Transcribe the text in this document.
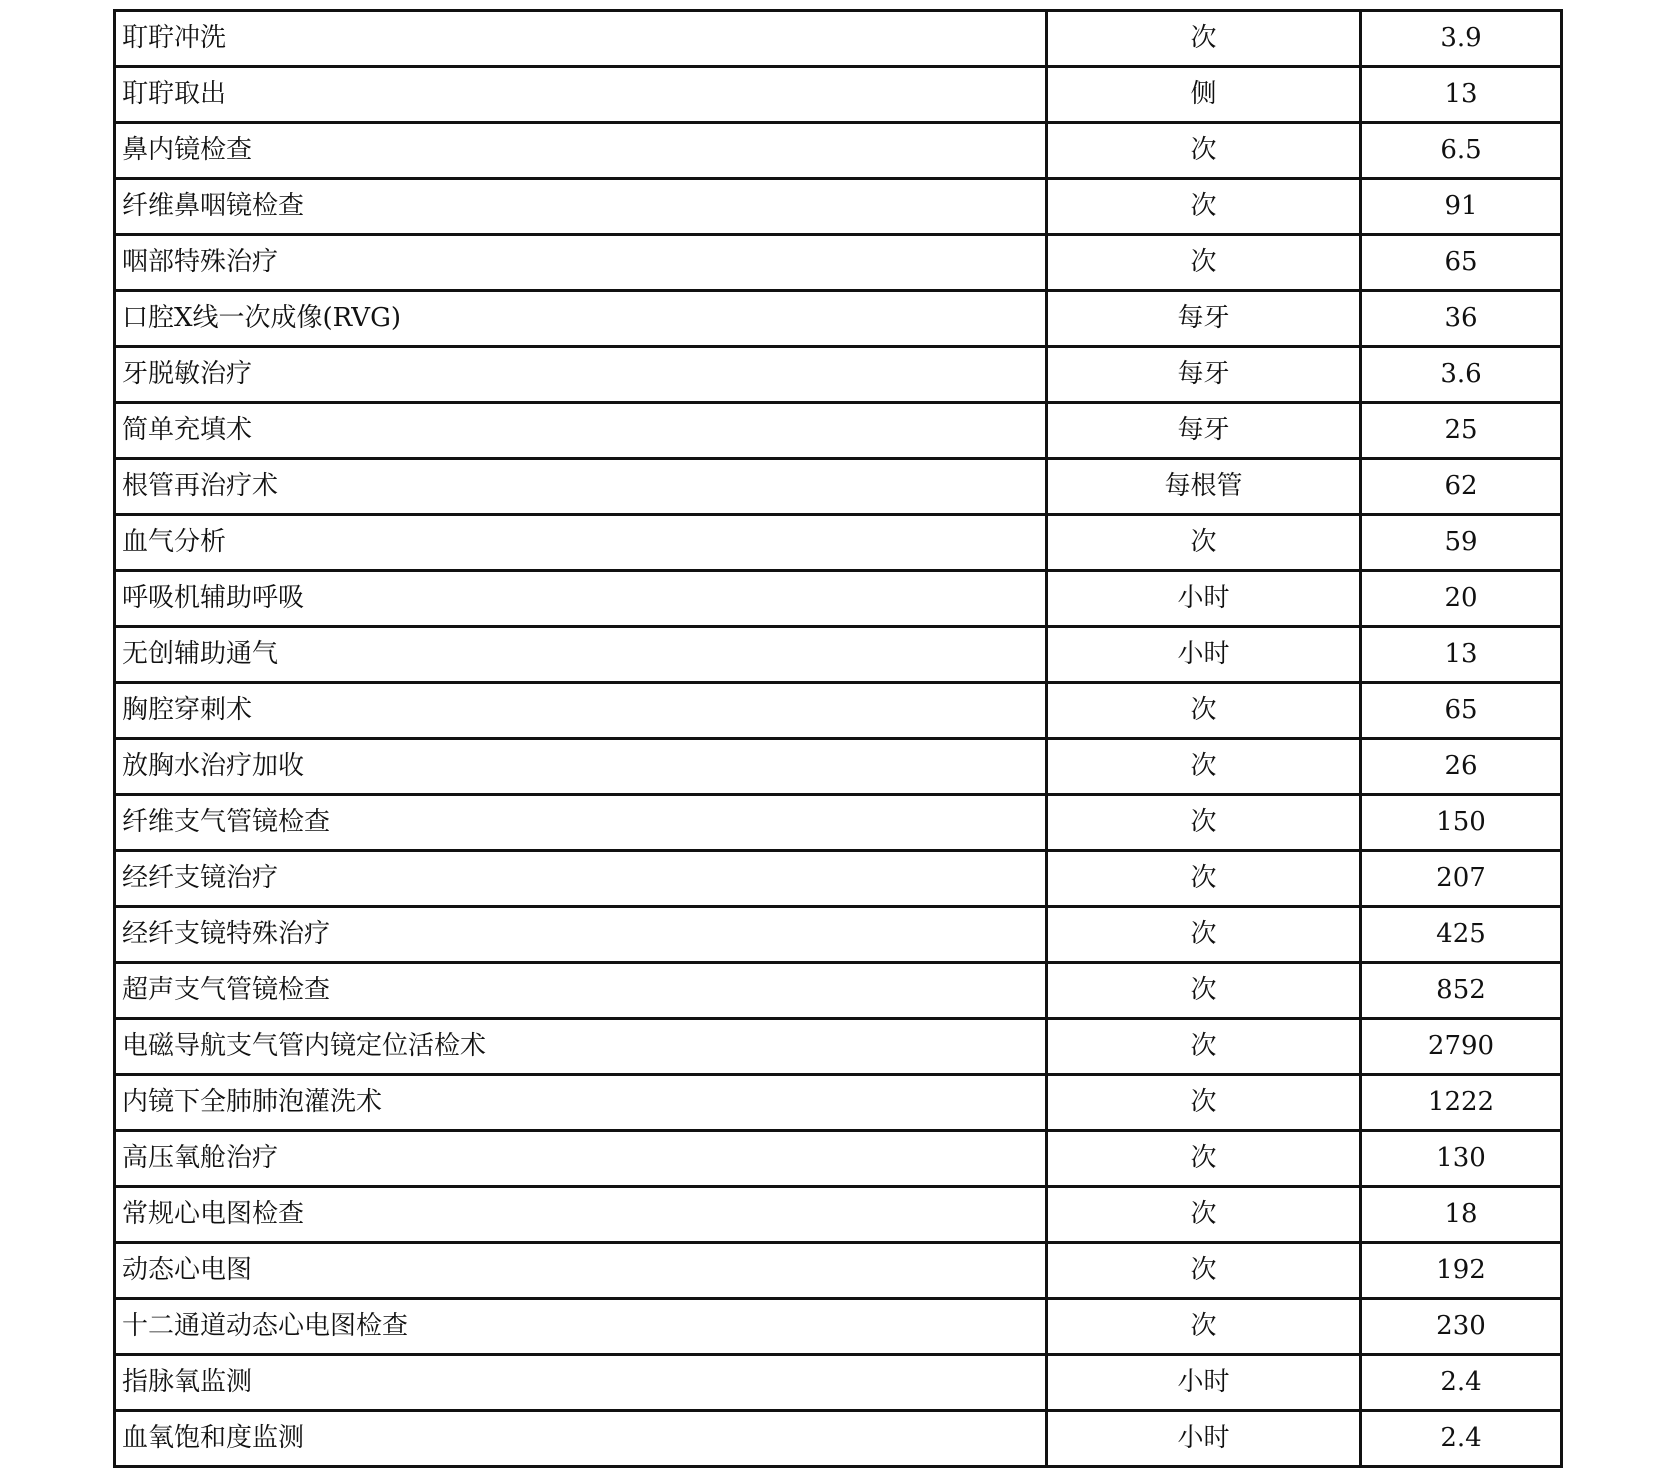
耵聍冲洗	次	3.9
耵聍取出	侧	13
鼻内镜检查	次	6.5
纤维鼻咽镜检查	次	91
咽部特殊治疗	次	65
口腔X线一次成像(RVG)	每牙	36
牙脱敏治疗	每牙	3.6
简单充填术	每牙	25
根管再治疗术	每根管	62
血气分析	次	59
呼吸机辅助呼吸	小时	20
无创辅助通气	小时	13
胸腔穿刺术	次	65
放胸水治疗加收	次	26
纤维支气管镜检查	次	150
经纤支镜治疗	次	207
经纤支镜特殊治疗	次	425
超声支气管镜检查	次	852
电磁导航支气管内镜定位活检术	次	2790
内镜下全肺肺泡灌洗术	次	1222
高压氧舱治疗	次	130
常规心电图检查	次	18
动态心电图	次	192
十二通道动态心电图检查	次	230
指脉氧监测	小时	2.4
血氧饱和度监测	小时	2.4
